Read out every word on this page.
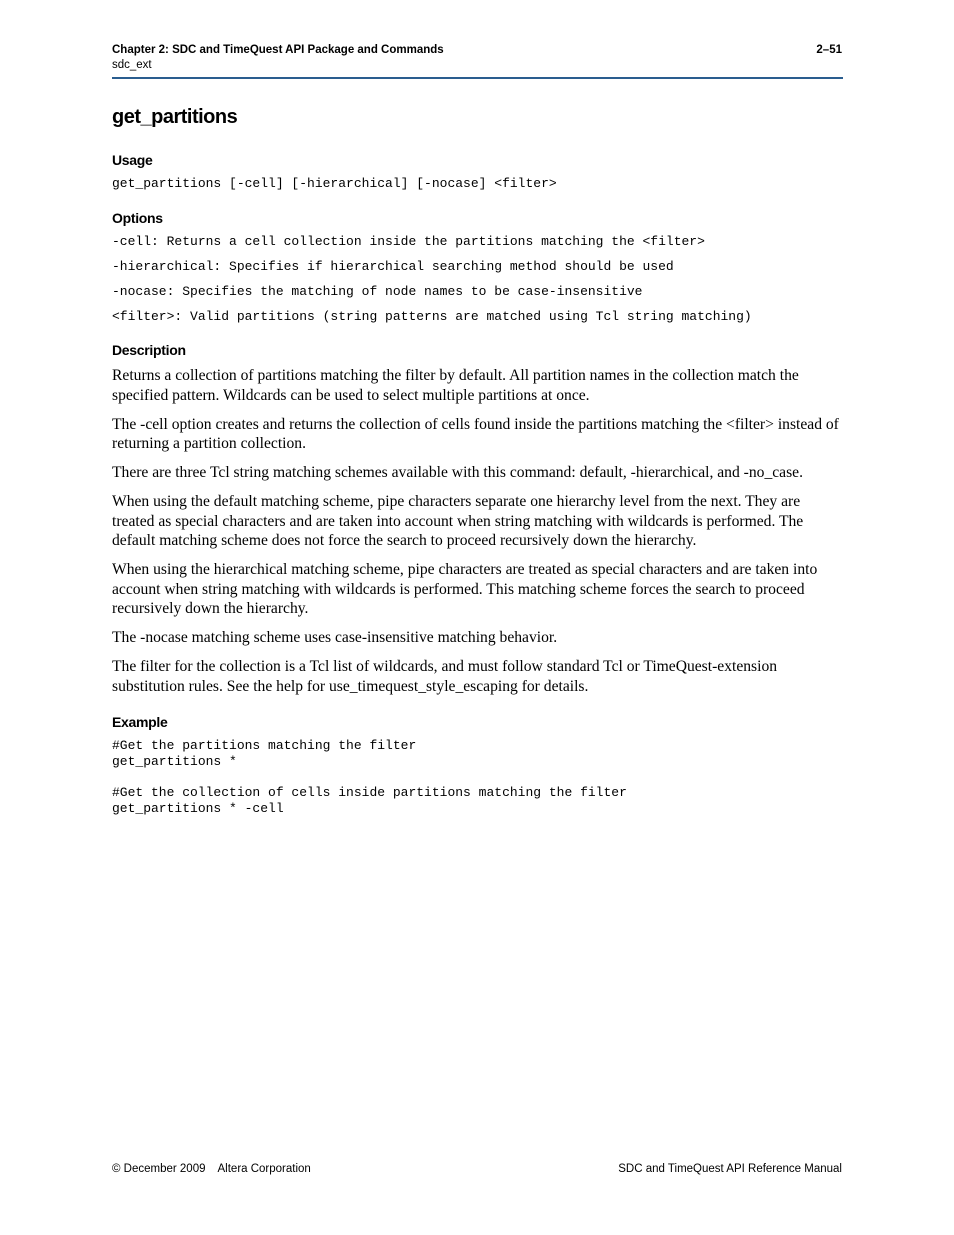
Chapter 2: SDC and TimeQuest API Package and Commands	2–51
sdc_ext
get_partitions
Usage
get_partitions [-cell] [-hierarchical] [-nocase] <filter>
Options
-cell: Returns a cell collection inside the partitions matching the <filter>
-hierarchical: Specifies if hierarchical searching method should be used
-nocase: Specifies the matching of node names to be case-insensitive
<filter>: Valid partitions (string patterns are matched using Tcl string matching)
Description

Returns a collection of partitions matching the filter by default. All partition names in the collection match the specified pattern. Wildcards can be used to select multiple partitions at once.

The -cell option creates and returns the collection of cells found inside the partitions matching the <filter> instead of returning a partition collection.

There are three Tcl string matching schemes available with this command: default, -hierarchical, and -no_case.

When using the default matching scheme, pipe characters separate one hierarchy level from the next. They are treated as special characters and are taken into account when string matching with wildcards is performed. The default matching scheme does not force the search to proceed recursively down the hierarchy.

When using the hierarchical matching scheme, pipe characters are treated as special characters and are taken into account when string matching with wildcards is performed. This matching scheme forces the search to proceed recursively down the hierarchy.

The -nocase matching scheme uses case-insensitive matching behavior.

The filter for the collection is a Tcl list of wildcards, and must follow standard Tcl or TimeQuest-extension substitution rules. See the help for use_timequest_style_escaping for details.

Example
#Get the partitions matching the filter
get_partitions *
#Get the collection of cells inside partitions matching the filter
get_partitions * -cell
© December 2009 Altera Corporation	SDC and TimeQuest API Reference Manual
